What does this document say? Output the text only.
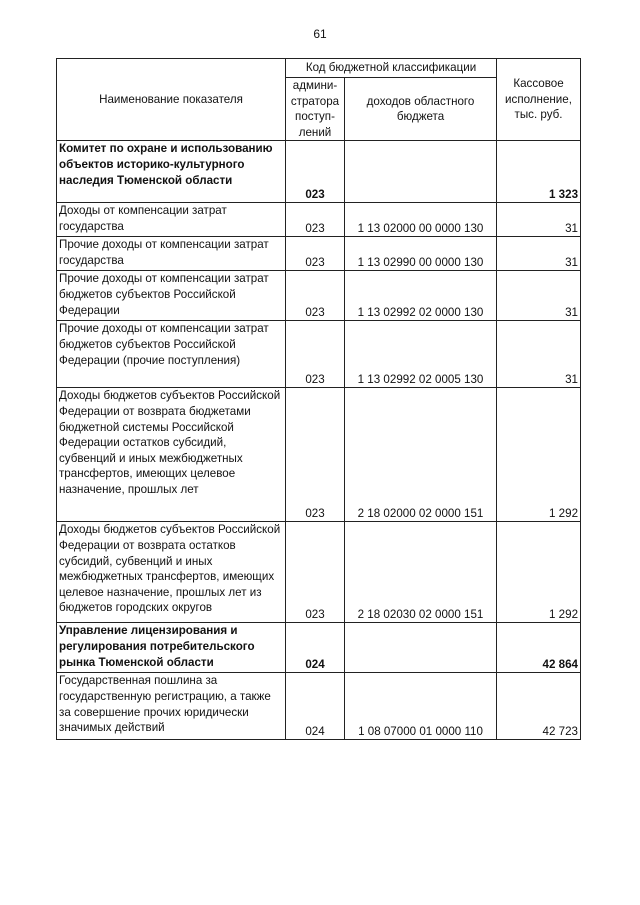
61
Наименование показателя	Код бюджетной классификации		Кассовое исполнение, тыс. руб.
	админи-стратора поступ-лений	доходов областного бюджета	
Комитет по охране и использованию объектов историко-культурного наследия Тюменской области	023		1 323
Доходы от компенсации затрат государства	023	1 13 02000 00 0000 130	31
Прочие доходы от компенсации затрат государства	023	1 13 02990 00 0000 130	31
Прочие доходы от компенсации затрат бюджетов субъектов Российской Федерации	023	1 13 02992 02 0000 130	31
Прочие доходы от компенсации затрат бюджетов субъектов Российской Федерации (прочие поступления)	023	1 13 02992 02 0005 130	31
Доходы бюджетов субъектов Российской Федерации от возврата бюджетами бюджетной системы Российской Федерации остатков субсидий, субвенций и иных межбюджетных трансфертов, имеющих целевое назначение, прошлых лет	023	2 18 02000 02 0000 151	1 292
Доходы бюджетов субъектов Российской Федерации от возврата остатков субсидий, субвенций и иных межбюджетных трансфертов, имеющих целевое назначение, прошлых лет из бюджетов городских округов	023	2 18 02030 02 0000 151	1 292
Управление лицензирования и регулирования потребительского рынка Тюменской области	024		42 864
Государственная пошлина за государственную регистрацию, а также за совершение прочих юридически значимых действий	024	1 08 07000 01 0000 110	42 723
